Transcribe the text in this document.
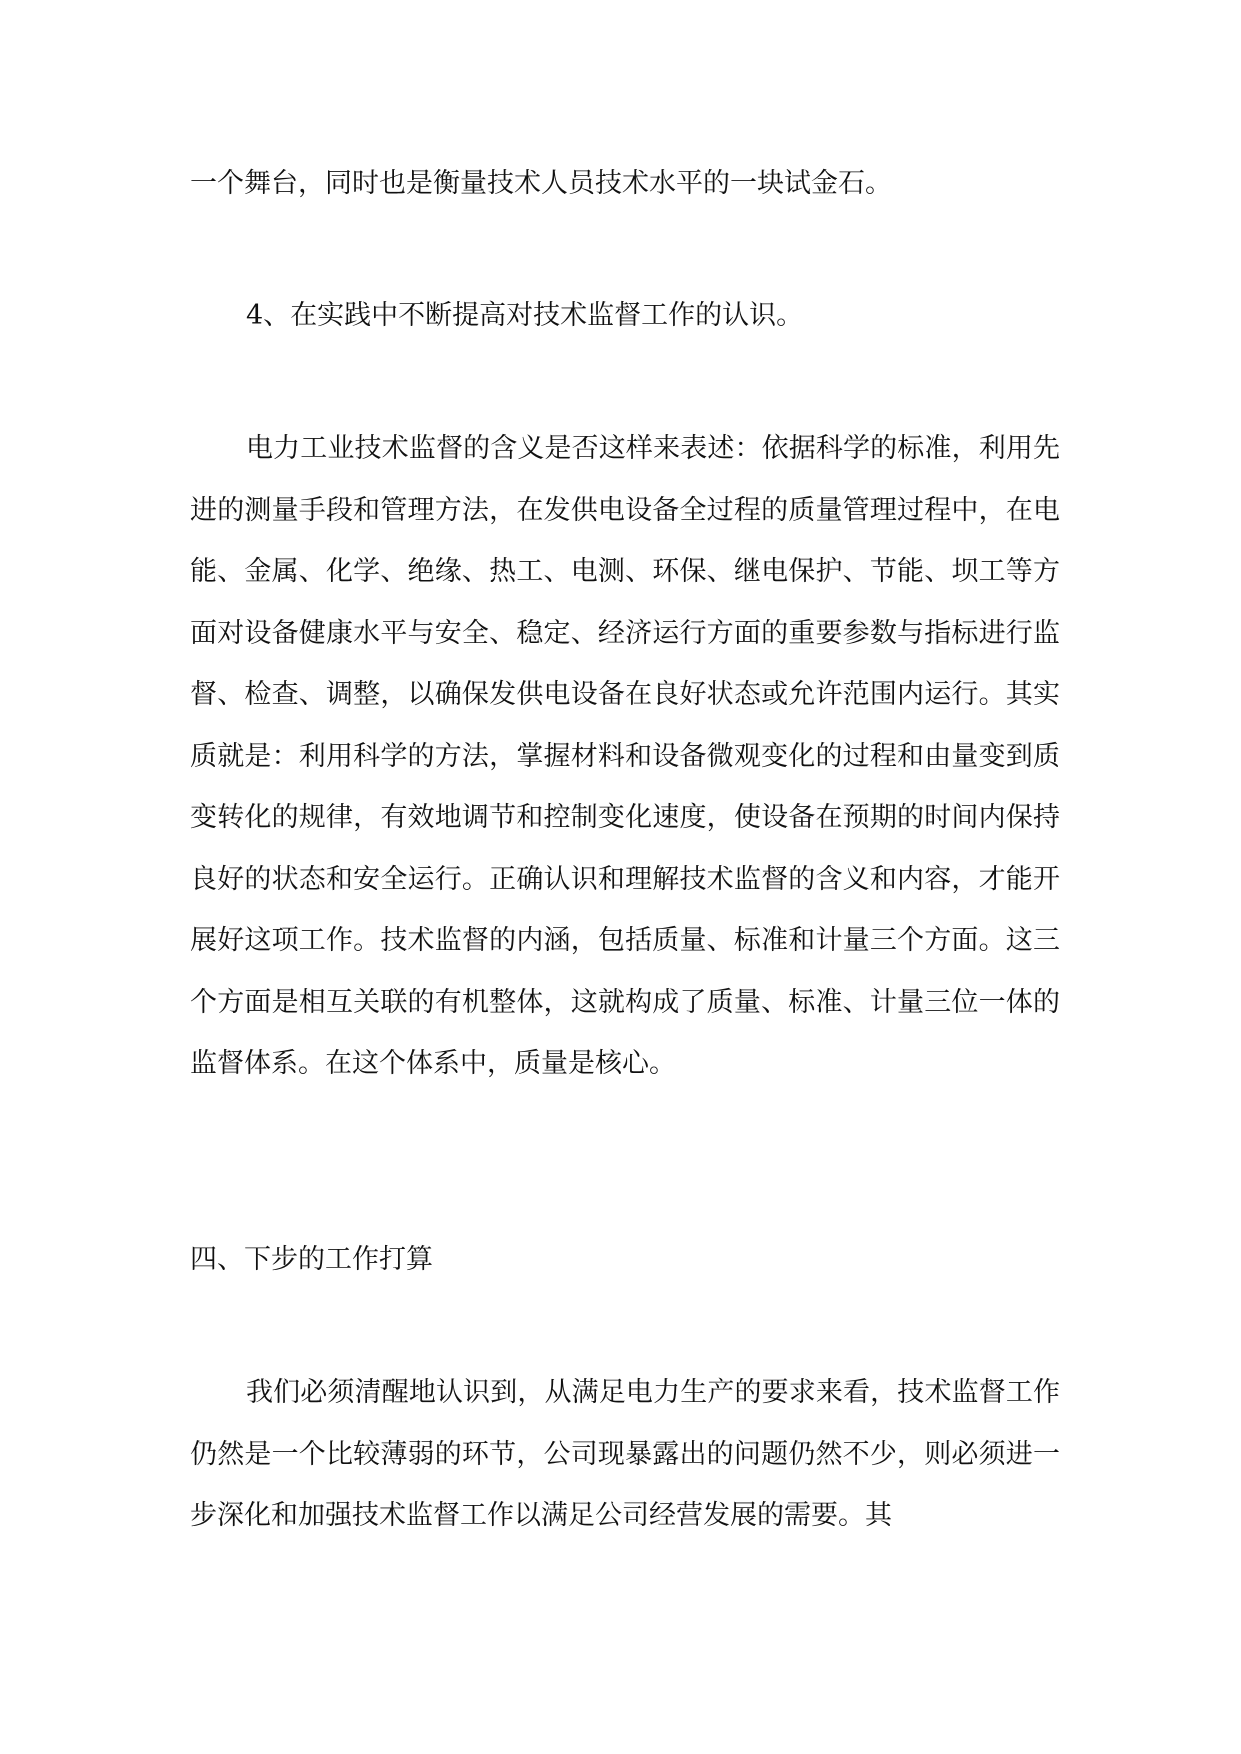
一个舞台，同时也是衡量技术人员技术水平的一块试金石。

4、在实践中不断提高对技术监督工作的认识。

电力工业技术监督的含义是否这样来表述：依据科学的标准，利用先进的测量手段和管理方法，在发供电设备全过程的质量管理过程中，在电能、金属、化学、绝缘、热工、电测、环保、继电保护、节能、坝工等方面对设备健康水平与安全、稳定、经济运行方面的重要参数与指标进行监督、检查、调整，以确保发供电设备在良好状态或允许范围内运行。其实质就是：利用科学的方法，掌握材料和设备微观变化的过程和由量变到质变转化的规律，有效地调节和控制变化速度，使设备在预期的时间内保持良好的状态和安全运行。正确认识和理解技术监督的含义和内容，才能开展好这项工作。技术监督的内涵，包括质量、标准和计量三个方面。这三个方面是相互关联的有机整体，这就构成了质量、标准、计量三位一体的监督体系。在这个体系中，质量是核心。

四、下步的工作打算

我们必须清醒地认识到，从满足电力生产的要求来看，技术监督工作仍然是一个比较薄弱的环节，公司现暴露出的问题仍然不少，则必须进一步深化和加强技术监督工作以满足公司经营发展的需要。其
